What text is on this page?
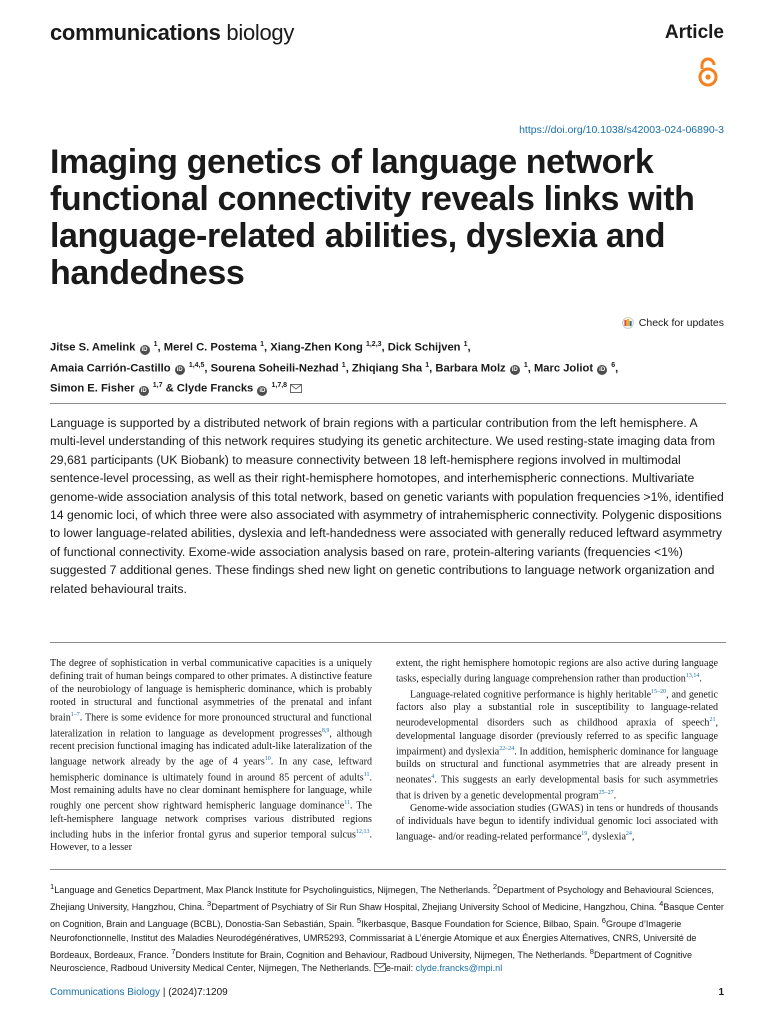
communications biology	Article
https://doi.org/10.1038/s42003-024-06890-3
Imaging genetics of language network functional connectivity reveals links with language-related abilities, dyslexia and handedness
Check for updates
Jitse S. Amelink iD $^1$, Merel C. Postema $^1$, Xiang-Zhen Kong $^{1,2,3}$, Dick Schijven $^1$,
Amaia Carrión-Castillo iD $^{1,4,5}$, Sourena Soheili-Nezhad $^1$, Zhiqiang Sha $^1$, Barbara Molz iD $^1$, Marc Joliot iD $^6$,
Simon E. Fisher iD $^{1,7}$ & Clyde Francks iD $^{1,7,8}$

Language is supported by a distributed network of brain regions with a particular contribution from the left hemisphere. A multi-level understanding of this network requires studying its genetic architecture. We used resting-state imaging data from 29,681 participants (UK Biobank) to measure connectivity between 18 left-hemisphere regions involved in multimodal sentence-level processing, as well as their right-hemisphere homotopes, and interhemispheric connections. Multivariate genome-wide association analysis of this total network, based on genetic variants with population frequencies >1%, identified 14 genomic loci, of which three were also associated with asymmetry of intrahemispheric connectivity. Polygenic dispositions to lower language-related abilities, dyslexia and left-handedness were associated with generally reduced leftward asymmetry of functional connectivity. Exome-wide association analysis based on rare, protein-altering variants (frequencies <1%) suggested 7 additional genes. These findings shed new light on genetic contributions to language network organization and related behavioural traits.

The degree of sophistication in verbal communicative capacities is a uniquely defining trait of human beings compared to other primates. A distinctive feature of the neurobiology of language is hemispheric dominance, which is probably rooted in structural and functional asymmetries of the prenatal and infant brain$^{1-7}$. There is some evidence for more pronounced structural and functional lateralization in relation to language as development progresses$^{8,9}$, although recent precision functional imaging has indicated adult-like lateralization of the language network already by the age of 4 years$^{10}$. In any case, leftward hemispheric dominance is ultimately found in around 85 percent of adults$^{11}$. Most remaining adults have no clear dominant hemisphere for language, while roughly one percent show rightward hemispheric language dominance$^{11}$. The left-hemisphere language network comprises various distributed regions including hubs in the inferior frontal gyrus and superior temporal sulcus$^{12,13}$. However, to a lesser

extent, the right hemisphere homotopic regions are also active during language tasks, especially during language comprehension rather than production$^{13,14}$.

Language-related cognitive performance is highly heritable$^{15-20}$, and genetic factors also play a substantial role in susceptibility to language-related neurodevelopmental disorders such as childhood apraxia of speech$^{21}$, developmental language disorder (previously referred to as specific language impairment) and dyslexia$^{22-24}$. In addition, hemispheric dominance for language builds on structural and functional asymmetries that are already present in neonates$^4$. This suggests an early developmental basis for such asymmetries that is driven by a genetic developmental program$^{25-27}$.

Genome-wide association studies (GWAS) in tens or hundreds of thousands of individuals have begun to identify individual genomic loci associated with language- and/or reading-related performance$^{19}$, dyslexia$^{24}$,

$^1$Language and Genetics Department, Max Planck Institute for Psycholinguistics, Nijmegen, The Netherlands. $^2$Department of Psychology and Behavioural Sciences, Zhejiang University, Hangzhou, China. $^3$Department of Psychiatry of Sir Run Shaw Hospital, Zhejiang University School of Medicine, Hangzhou, China. $^4$Basque Center on Cognition, Brain and Language (BCBL), Donostia-San Sebastián, Spain. $^5$Ikerbasque, Basque Foundation for Science, Bilbao, Spain. $^6$Groupe d’Imagerie Neurofonctionnelle, Institut des Maladies Neurodégénératives, UMR5293, Commissariat à L’énergie Atomique et aux Énergies Alternatives, CNRS, Université de Bordeaux, Bordeaux, France. $^7$Donders Institute for Brain, Cognition and Behaviour, Radboud University, Nijmegen, The Netherlands. $^8$Department of Cognitive Neuroscience, Radboud University Medical Center, Nijmegen, The Netherlands. e-mail: clyde.francks@mpi.nl
Communications Biology | (2024)7:1209	1
